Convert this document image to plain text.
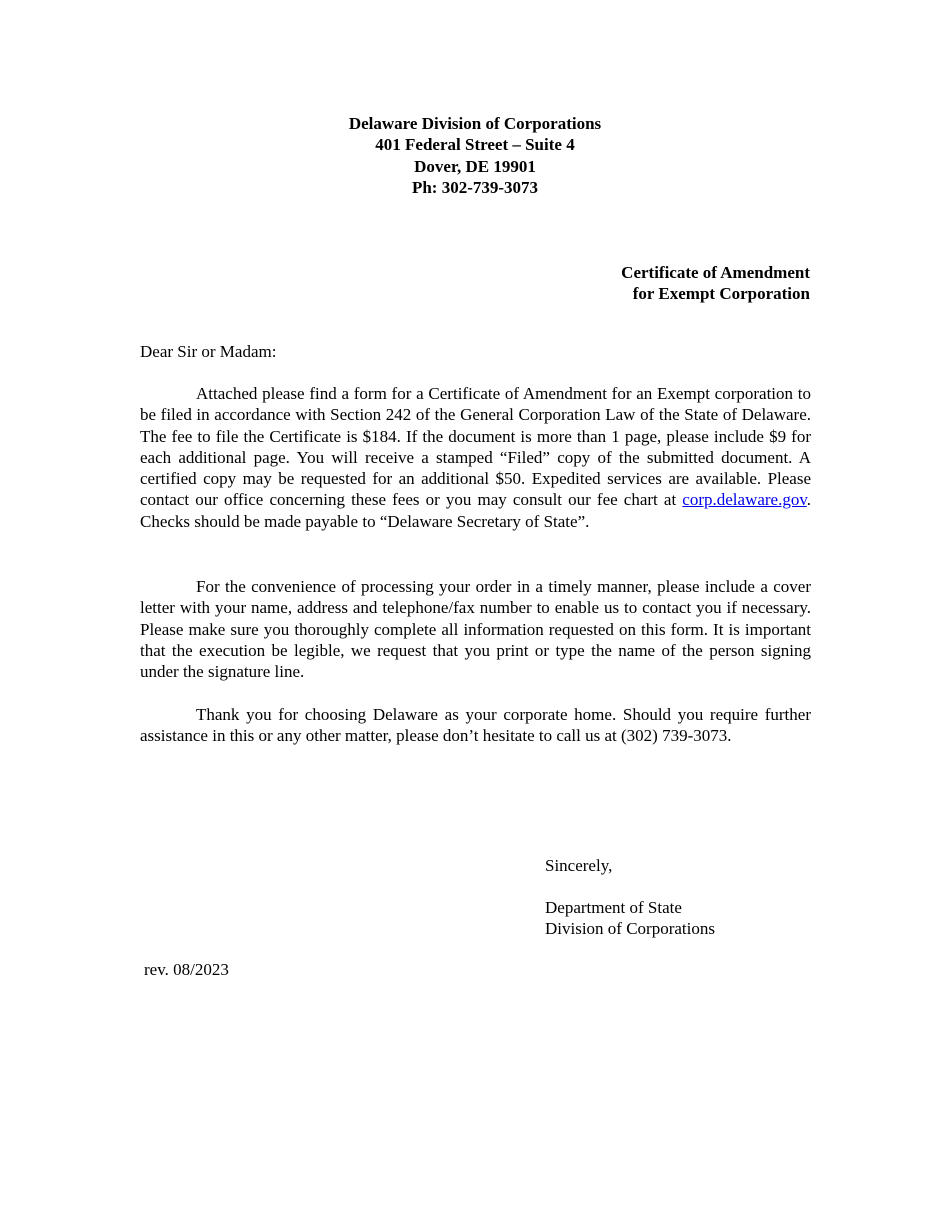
Delaware Division of Corporations
401 Federal Street – Suite 4
Dover, DE 19901
Ph: 302-739-3073
Certificate of Amendment
for Exempt Corporation
Dear Sir or Madam:

Attached please find a form for a Certificate of Amendment for an Exempt corporation to be filed in accordance with Section 242 of the General Corporation Law of the State of Delaware. The fee to file the Certificate is $184. If the document is more than 1 page, please include $9 for each additional page. You will receive a stamped “Filed” copy of the submitted document. A certified copy may be requested for an additional $50. Expedited services are available. Please contact our office concerning these fees or you may consult our fee chart at corp.delaware.gov. Checks should be made payable to “Delaware Secretary of State”.

For the convenience of processing your order in a timely manner, please include a cover letter with your name, address and telephone/fax number to enable us to contact you if necessary. Please make sure you thoroughly complete all information requested on this form. It is important that the execution be legible, we request that you print or type the name of the person signing under the signature line.

Thank you for choosing Delaware as your corporate home. Should you require further assistance in this or any other matter, please don’t hesitate to call us at (302) 739-3073.

Sincerely,
Department of State
Division of Corporations
rev. 08/2023
